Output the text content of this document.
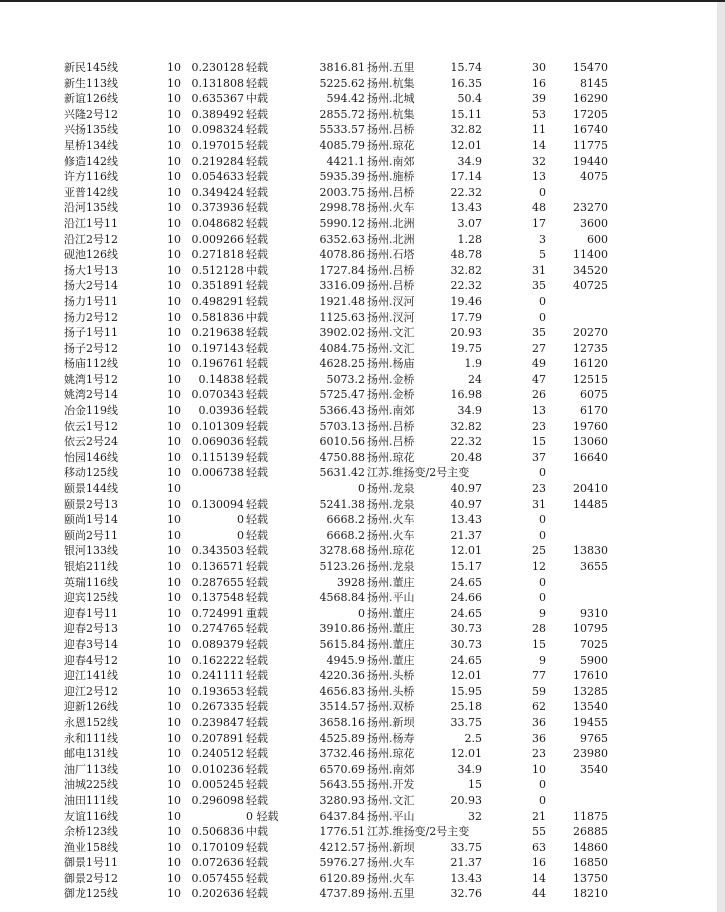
新民145线	10 0.230128 轻载	3816.81 扬州.五里	15.74	30	15470
新生113线	10 0.131808 轻载	5225.62 扬州.杭集	16.35	16	8145
新谊126线	10 0.635367 中载	594.42 扬州.北城	50.4	39	16290
兴隆2号12	10 0.389492 轻载	2855.72 扬州.杭集	15.11	53	17205
兴扬135线	10 0.098324 轻载	5533.57 扬州.吕桥	32.82	11	16740
星桥134线	10 0.197015 轻载	4085.79 扬州.琼花	12.01	14	11775
修造142线	10 0.219284 轻载	4421.1 扬州.南郊	34.9	32	19440
许方116线	10 0.054633 轻载	5935.39 扬州.施桥	17.14	13	4075
亚普142线	10 0.349424 轻载	2003.75 扬州.吕桥	22.32	0
沿河135线	10 0.373936 轻载	2998.78 扬州.火车	13.43	48	23270
沿江1号11	10 0.048682 轻载	5990.12 扬州.北洲	3.07	17	3600
沿江2号12	10 0.009266 轻载	6352.63 扬州.北洲	1.28	3	600
砚池126线	10 0.271818 轻载	4078.86 扬州.石塔	48.78	5	11400
扬大1号13	10 0.512128 中载	1727.84 扬州.吕桥	32.82	31	34520
扬大2号14	10 0.351891 轻载	3316.09 扬州.吕桥	22.32	35	40725
扬力1号11	10 0.498291 轻载	1921.48 扬州.汊河	19.46	0
扬力2号12	10 0.581836 中载	1125.63 扬州.汊河	17.79	0
扬子1号11	10 0.219638 轻载	3902.02 扬州.文汇	20.93	35	20270
扬子2号12	10 0.197143 轻载	4084.75 扬州.文汇	19.75	27	12735
杨庙112线	10 0.196761 轻载	4628.25 扬州.杨庙	1.9	49	16120
姚湾1号12	10	0.14838 轻载	5073.2 扬州.金桥	24	47	12515
姚湾2号14	10 0.070343 轻载	5725.47 扬州.金桥	16.98	26	6075
冶金119线	10	0.03936 轻载	5366.43 扬州.南郊	34.9	13	6170
依云1号12	10 0.101309 轻载	5703.13 扬州.吕桥	32.82	23	19760
依云2号24	10 0.069036 轻载	6010.56 扬州.吕桥	22.32	15	13060
怡园146线	10 0.115139 轻载	4750.88 扬州.琼花	20.48	37	16640
移动125线	10 0.006738 轻载	5631.42 江苏.维扬变/2号主变	0
颐景144线	10	0 扬州.龙泉	40.97	23	20410
颐景2号13	10 0.130094 轻载	5241.38 扬州.龙泉	40.97	31	14485
颐尚1号14	10	0 轻载	6668.2 扬州.火车	13.43	0
颐尚2号11	10	0 轻载	6668.2 扬州.火车	21.37	0
银河133线	10 0.343503 轻载	3278.68 扬州.琼花	12.01	25	13830
银焰211线	10 0.136571 轻载	5123.26 扬州.龙泉	15.17	12	3655
英瑞116线	10 0.287655 轻载	3928 扬州.董庄	24.65	0
迎宾125线	10 0.137548 轻载	4568.84 扬州.平山	24.66	0
迎春1号11	10 0.724991 重载	0 扬州.董庄	24.65	9	9310
迎春2号13	10 0.274765 轻载	3910.86 扬州.董庄	30.73	28	10795
迎春3号14	10 0.089379 轻载	5615.84 扬州.董庄	30.73	15	7025
迎春4号12	10 0.162222 轻载	4945.9 扬州.董庄	24.65	9	5900
迎江141线	10 0.241111 轻载	4220.36 扬州.头桥	12.01	77	17610
迎江2号12	10 0.193653 轻载	4656.83 扬州.头桥	15.95	59	13285
迎新126线	10 0.267335 轻载	3514.57 扬州.双桥	25.18	62	13540
永恩152线	10 0.239847 轻载	3658.16 扬州.新坝	33.75	36	19455
永和111线	10 0.207891 轻载	4525.89 扬州.杨寿	2.5	36	9765
邮电131线	10 0.240512 轻载	3732.46 扬州.琼花	12.01	23	23980
油厂113线	10 0.010236 轻载	6570.69 扬州.南郊	34.9	10	3540
油城225线	10 0.005245 轻载	5643.55 扬州.开发	15	0
油田111线	10 0.296098 轻载	3280.93 扬州.文汇	20.93	0
友谊116线	10	0 轻载	6437.84 扬州.平山	32	21	11875
余桥123线	10 0.506836 中载	1776.51 江苏.维扬变/2号主变	55	26885
渔业158线	10 0.170109 轻载	4212.57 扬州.新坝	33.75	63	14860
御景1号11	10 0.072636 轻载	5976.27 扬州.火车	21.37	16	16850
御景2号12	10 0.057455 轻载	6120.89 扬州.火车	13.43	14	13750
御龙125线	10 0.202636 轻载	4737.89 扬州.五里	32.76	44	18210
